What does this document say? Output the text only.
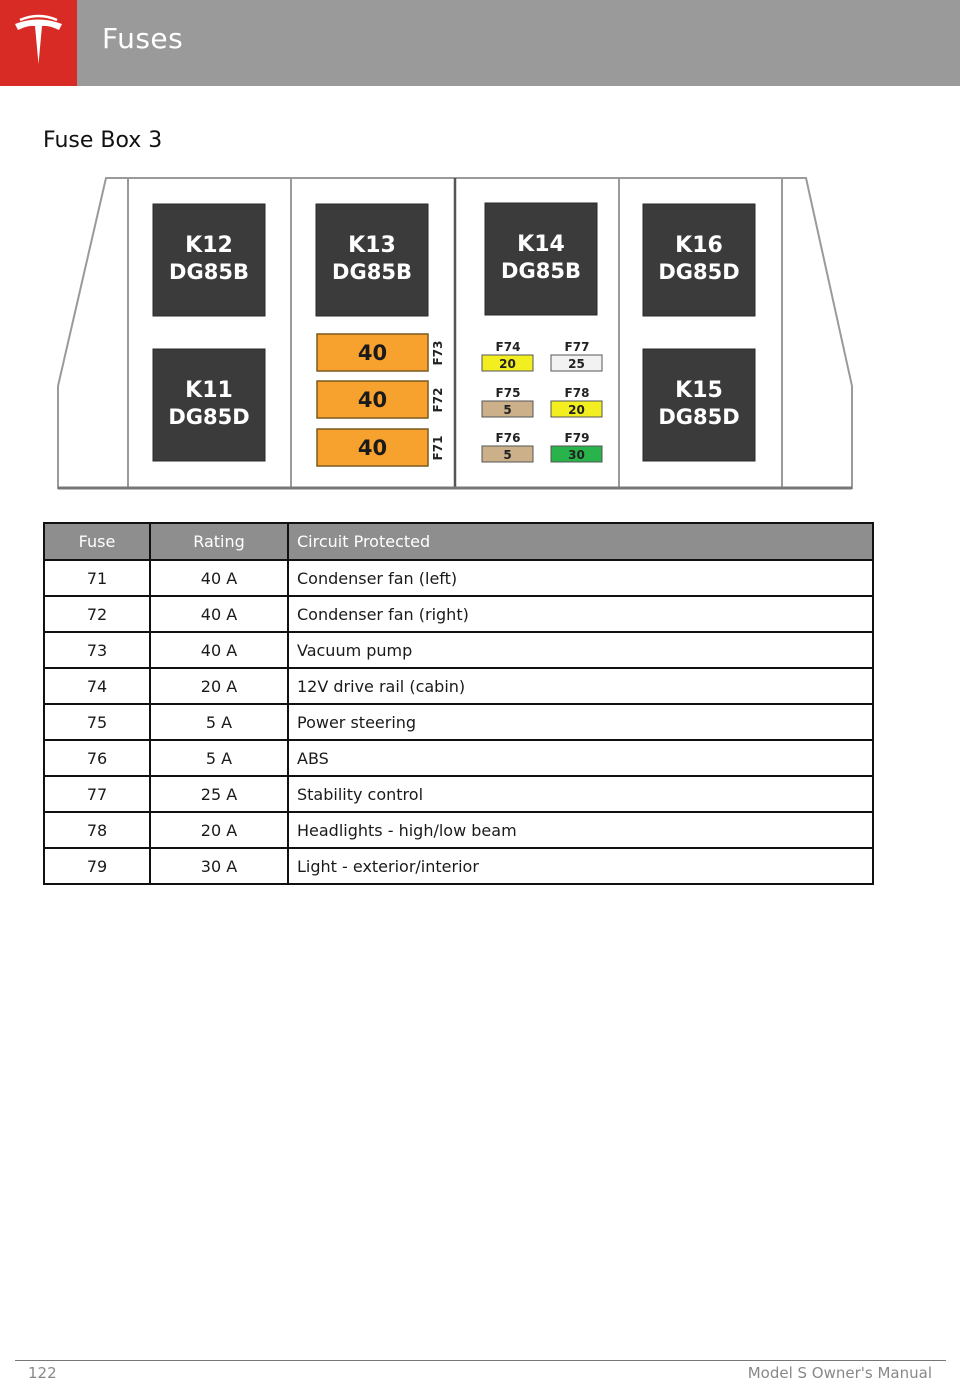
Fuses
Fuse Box 3
K12
DG85B
K13
DG85B
K14
DG85B
K16
DG85D
K11
DG85D
K15
DG85D
40	F73
40	F72
40	F71
F74
20
F77
25
F75
5
F78
20
F76
5
F79
30
Fuse	Rating	Circuit Protected
71	40 A	Condenser fan (left)
72	40 A	Condenser fan (right)
73	40 A	Vacuum pump
74	20 A	12V drive rail (cabin)
75	5 A	Power steering
76	5 A	ABS
77	25 A	Stability control
78	20 A	Headlights - high/low beam
79	30 A	Light - exterior/interior
122	Model S Owner's Manual
